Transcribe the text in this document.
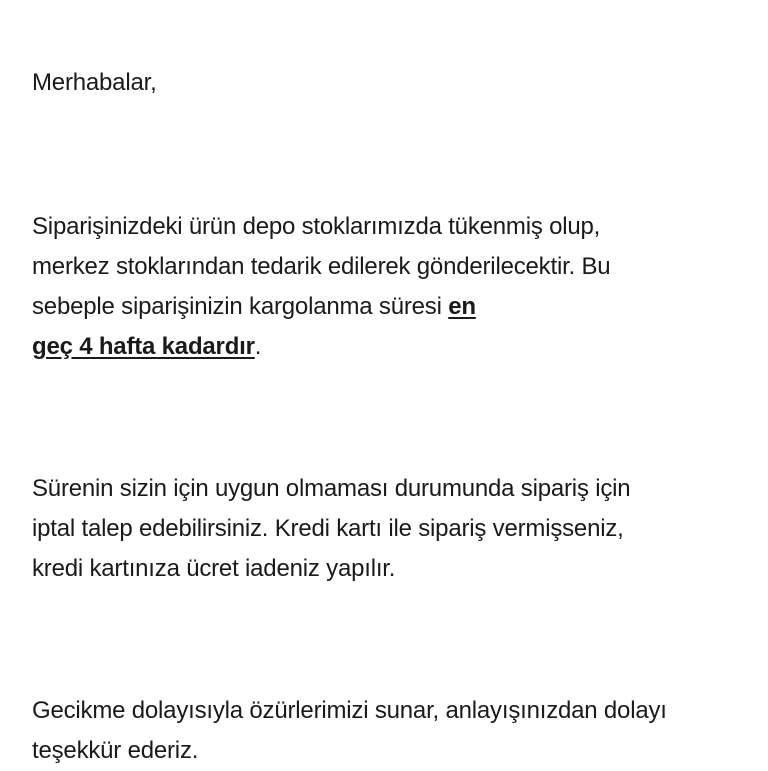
Merhabalar,
Siparişinizdeki ürün depo stoklarımızda tükenmiş olup,
merkez stoklarından tedarik edilerek gönderilecektir. Bu
sebeple siparişinizin kargolanma süresi en
geç 4 hafta kadardır.
Sürenin sizin için uygun olmaması durumunda sipariş için
iptal talep edebilirsiniz. Kredi kartı ile sipariş vermişseniz,
kredi kartınıza ücret iadeniz yapılır.
Gecikme dolayısıyla özürlerimizi sunar, anlayışınızdan dolayı
teşekkür ederiz.
